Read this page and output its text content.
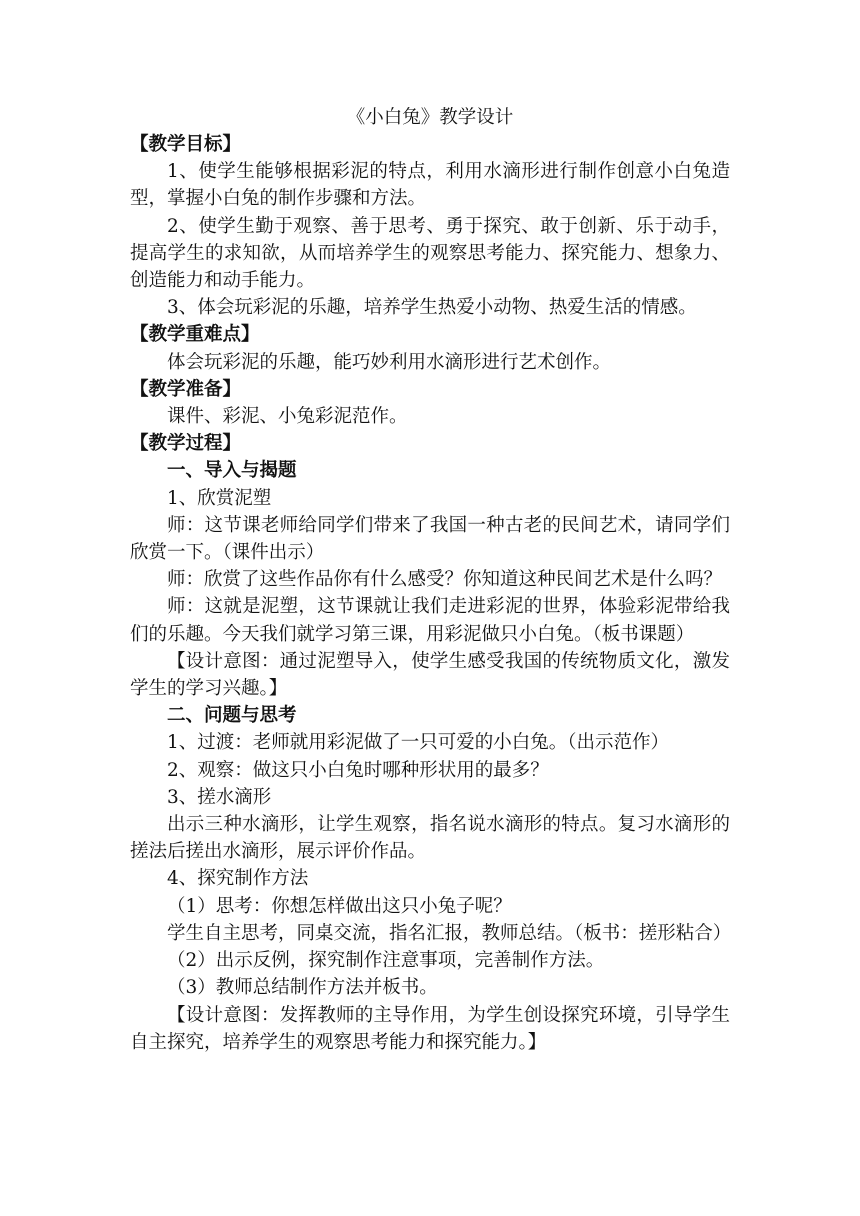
《小白兔》教学设计

【教学目标】

1、使学生能够根据彩泥的特点，利用水滴形进行制作创意小白兔造型，掌握小白兔的制作步骤和方法。

2、使学生勤于观察、善于思考、勇于探究、敢于创新、乐于动手，提高学生的求知欲，从而培养学生的观察思考能力、探究能力、想象力、创造能力和动手能力。

3、体会玩彩泥的乐趣，培养学生热爱小动物、热爱生活的情感。

【教学重难点】

体会玩彩泥的乐趣，能巧妙利用水滴形进行艺术创作。

【教学准备】

课件、彩泥、小兔彩泥范作。

【教学过程】

一、导入与揭题

1、欣赏泥塑

师：这节课老师给同学们带来了我国一种古老的民间艺术，请同学们欣赏一下。（课件出示）

师：欣赏了这些作品你有什么感受？你知道这种民间艺术是什么吗？

师：这就是泥塑，这节课就让我们走进彩泥的世界，体验彩泥带给我们的乐趣。今天我们就学习第三课，用彩泥做只小白兔。（板书课题）

【设计意图：通过泥塑导入，使学生感受我国的传统物质文化，激发学生的学习兴趣。】

二、问题与思考

1、过渡：老师就用彩泥做了一只可爱的小白兔。（出示范作）

2、观察：做这只小白兔时哪种形状用的最多？

3、搓水滴形

出示三种水滴形，让学生观察，指名说水滴形的特点。复习水滴形的搓法后搓出水滴形，展示评价作品。

4、探究制作方法

（1）思考：你想怎样做出这只小兔子呢？

学生自主思考，同桌交流，指名汇报，教师总结。（板书：搓形粘合）

（2）出示反例，探究制作注意事项，完善制作方法。

（3）教师总结制作方法并板书。

【设计意图：发挥教师的主导作用，为学生创设探究环境，引导学生自主探究，培养学生的观察思考能力和探究能力。】
